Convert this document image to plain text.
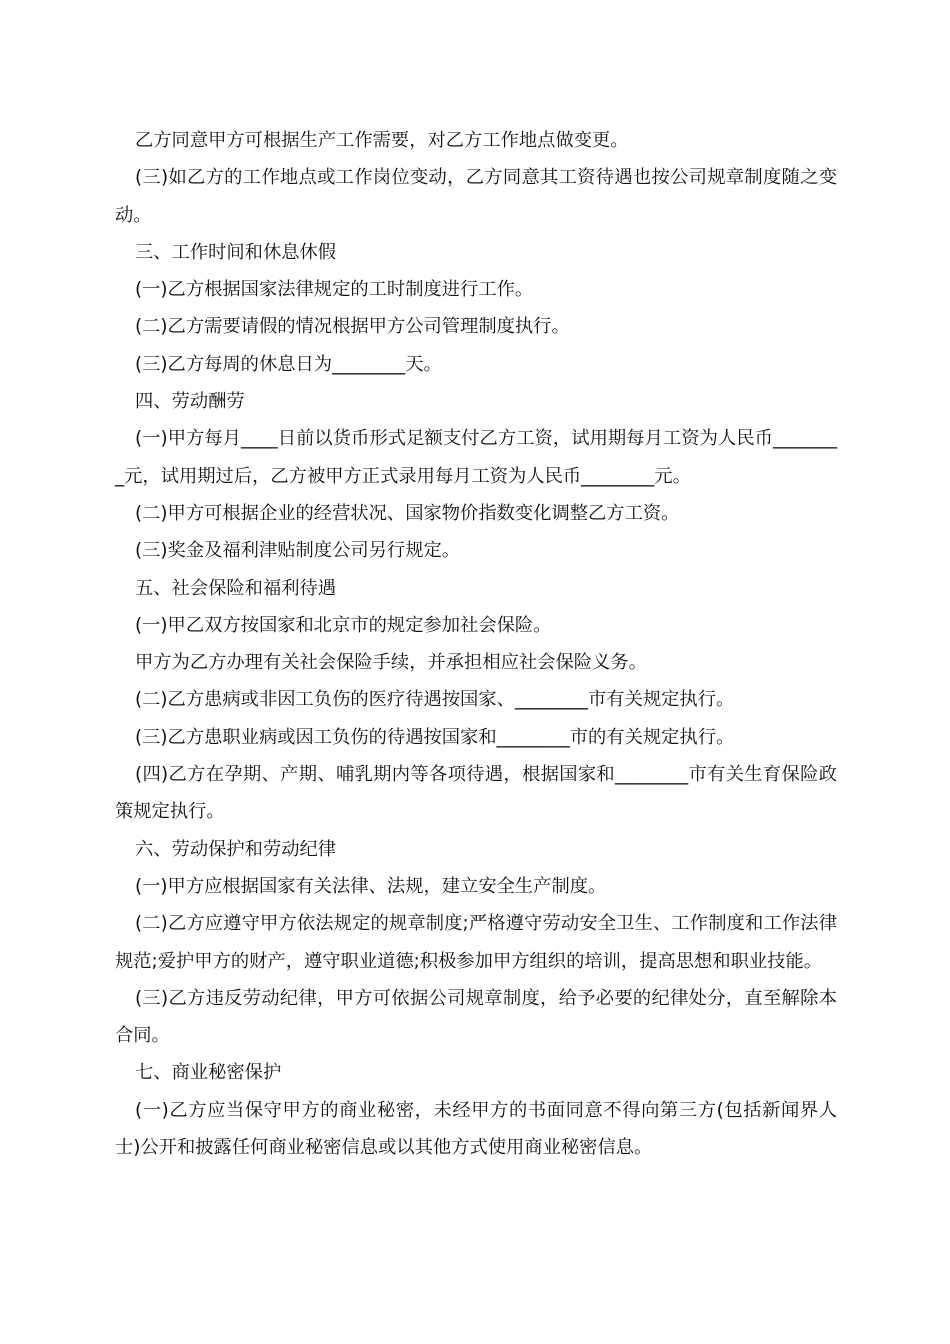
乙方同意甲方可根据生产工作需要，对乙方工作地点做变更。

(三)如乙方的工作地点或工作岗位变动，乙方同意其工资待遇也按公司规章制度随之变动。

三、工作时间和休息休假

(一)乙方根据国家法律规定的工时制度进行工作。

(二)乙方需要请假的情况根据甲方公司管理制度执行。

(三)乙方每周的休息日为________天。

四、劳动酬劳

(一)甲方每月____日前以货币形式足额支付乙方工资，试用期每月工资为人民币________元，试用期过后，乙方被甲方正式录用每月工资为人民币________元。

(二)甲方可根据企业的经营状况、国家物价指数变化调整乙方工资。

(三)奖金及福利津贴制度公司另行规定。

五、社会保险和福利待遇

(一)甲乙双方按国家和北京市的规定参加社会保险。

甲方为乙方办理有关社会保险手续，并承担相应社会保险义务。

(二)乙方患病或非因工负伤的医疗待遇按国家、________市有关规定执行。

(三)乙方患职业病或因工负伤的待遇按国家和________市的有关规定执行。

(四)乙方在孕期、产期、哺乳期内等各项待遇，根据国家和________市有关生育保险政策规定执行。

六、劳动保护和劳动纪律

(一)甲方应根据国家有关法律、法规，建立安全生产制度。

(二)乙方应遵守甲方依法规定的规章制度;严格遵守劳动安全卫生、工作制度和工作法律规范;爱护甲方的财产，遵守职业道德;积极参加甲方组织的培训，提高思想和职业技能。

(三)乙方违反劳动纪律，甲方可依据公司规章制度，给予必要的纪律处分，直至解除本合同。

七、商业秘密保护

(一)乙方应当保守甲方的商业秘密，未经甲方的书面同意不得向第三方(包括新闻界人士)公开和披露任何商业秘密信息或以其他方式使用商业秘密信息。
